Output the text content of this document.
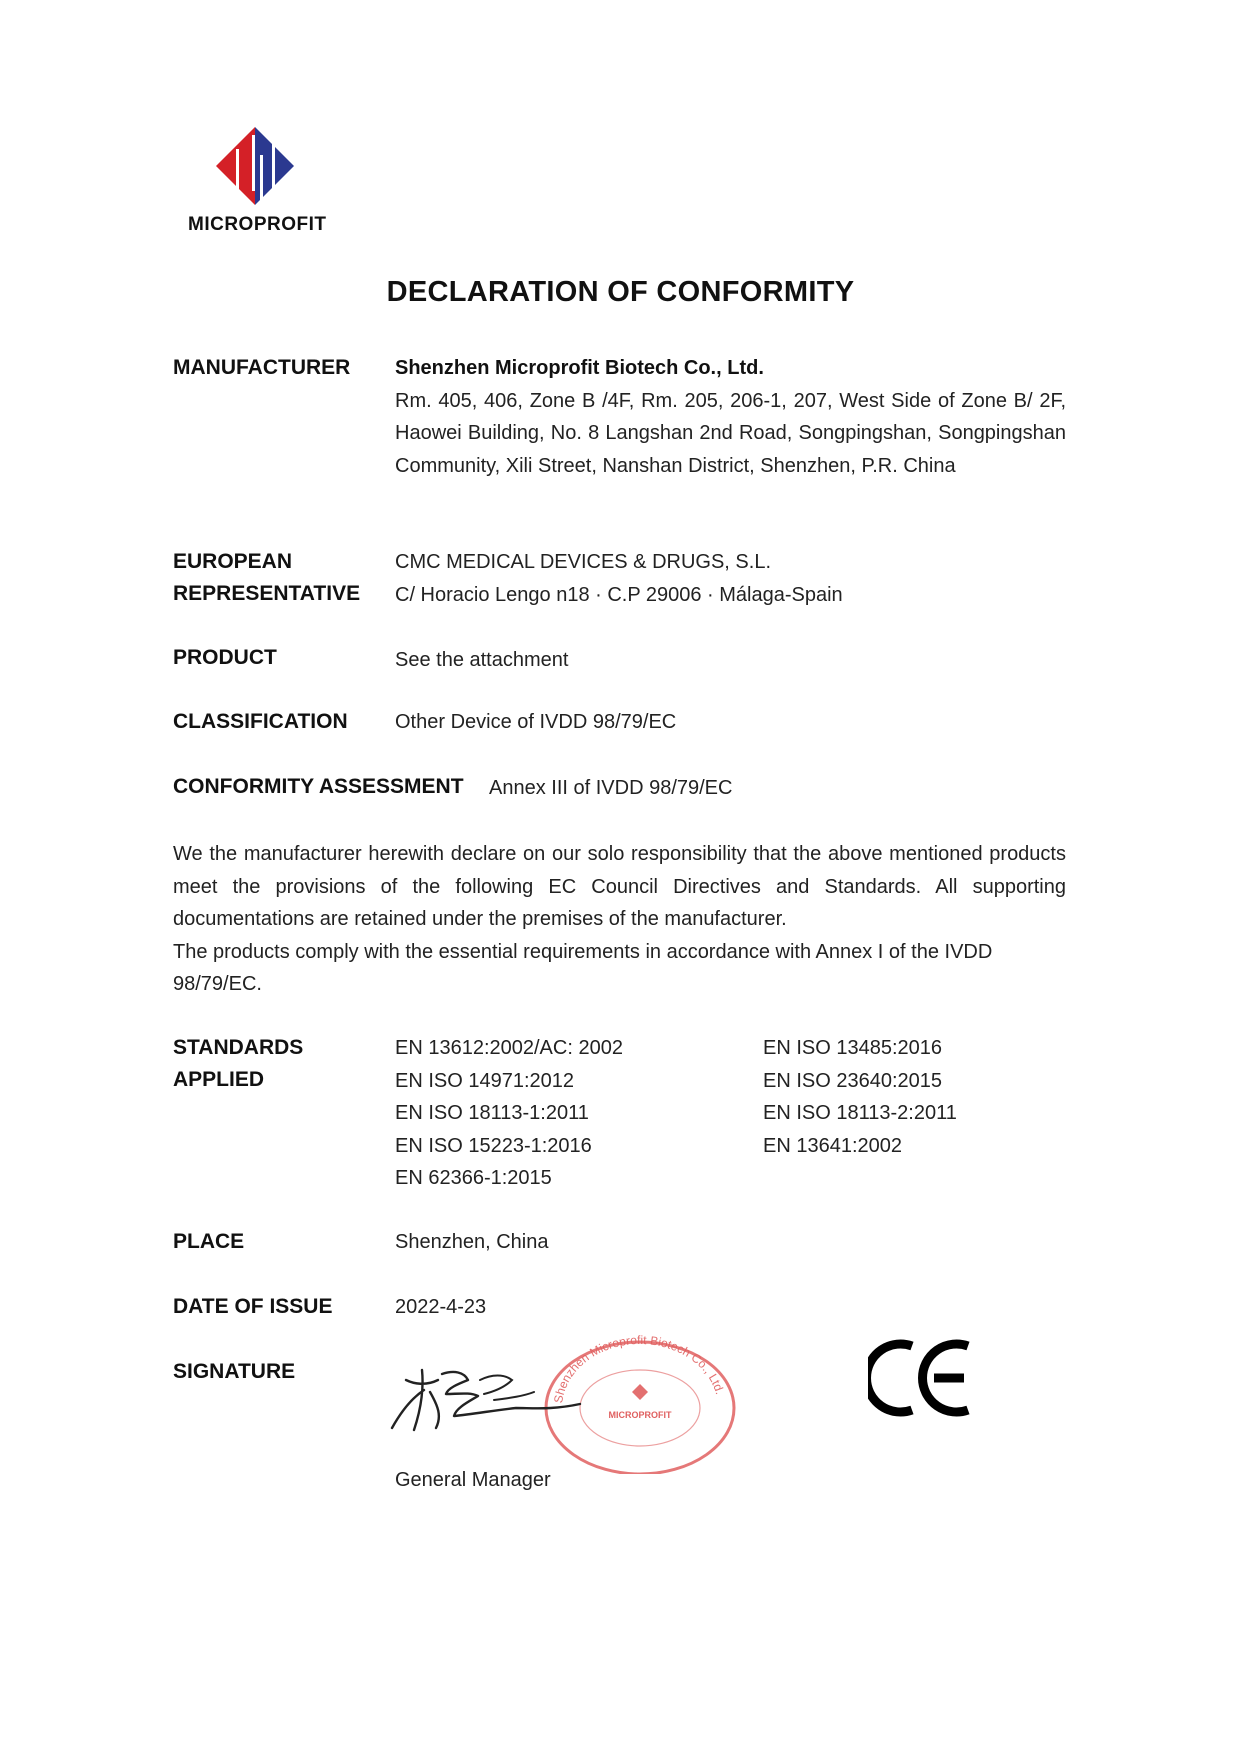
MICROPROFIT
DECLARATION OF CONFORMITY
MANUFACTURER Shenzhen Microprofit Biotech Co., Ltd.
Rm. 405, 406, Zone B /4F, Rm. 205, 206-1, 207, West Side of Zone B/ 2F, Haowei Building, No. 8 Langshan 2nd Road, Songpingshan, Songpingshan Community, Xili Street, Nanshan District, Shenzhen, P.R. China
EUROPEAN
REPRESENTATIVE
CMC MEDICAL DEVICES & DRUGS, S.L.
C/ Horacio Lengo n18 · C.P 29006 · Málaga-Spain
PRODUCT	See the attachment
CLASSIFICATION Other Device of IVDD 98/79/EC
CONFORMITY ASSESSMENT Annex III of IVDD 98/79/EC

We the manufacturer herewith declare on our solo responsibility that the above mentioned products meet the provisions of the following EC Council Directives and Standards. All supporting documentations are retained under the premises of the manufacturer.

The products comply with the essential requirements in accordance with Annex I of the IVDD 98/79/EC.

STANDARDS
APPLIED
EN 13612:2002/AC: 2002
EN ISO 14971:2012
EN ISO 18113-1:2011
EN ISO 15223-1:2016
EN 62366-1:2015
EN ISO 13485:2016
EN ISO 23640:2015
EN ISO 18113-2:2011
EN 13641:2002
PLACE	Shenzhen, China
DATE OF ISSUE	2022-4-23
SIGNATURE
Shenzhen Microprofit Biotech Co., Ltd.
MICROPROFIT
General Manager
